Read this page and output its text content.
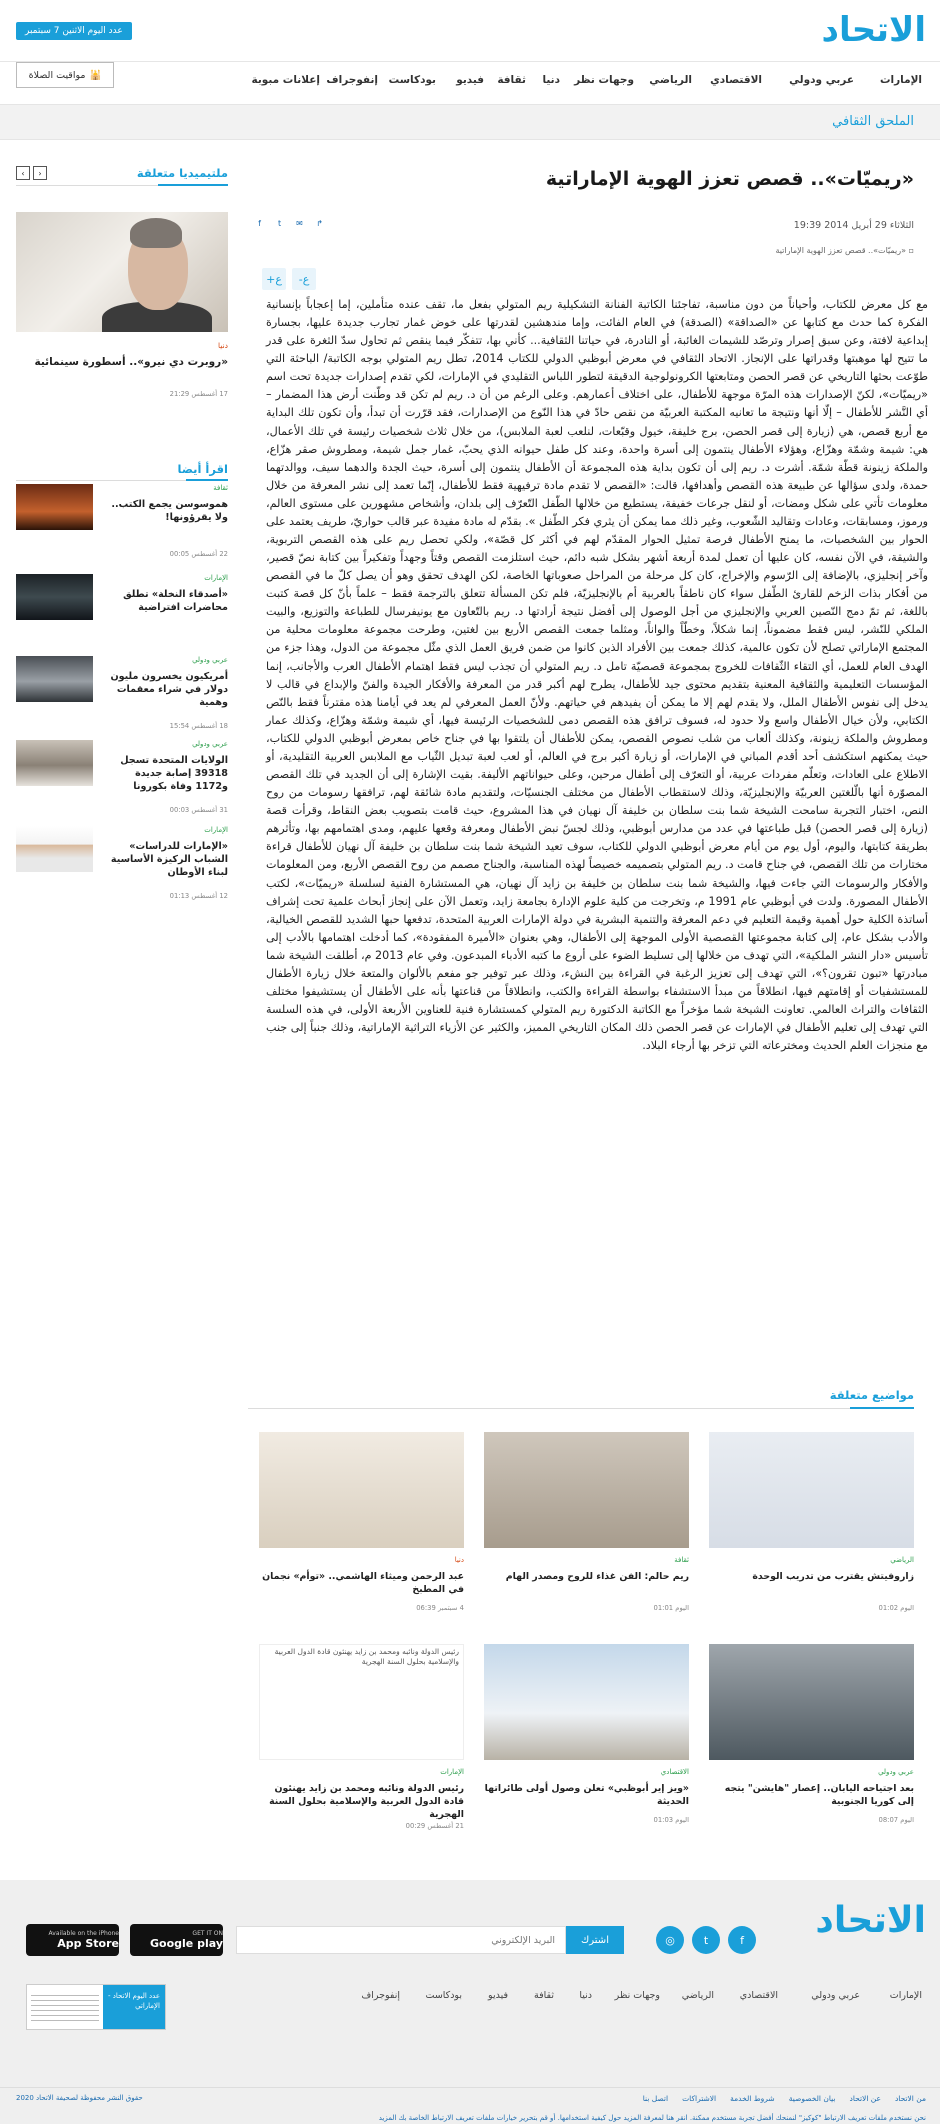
الاتحاد
عدد اليوم الاثنين 7 سبتمبر
الإمارات
عربي ودولي
الاقتصادي
الرياضي
وجهات نظر
دنيا
ثقافة
فيديو
بودكاست
إنفوجراف
إعلانات مبوبة
🕌
مواقيت الصلاة
الملحق الثقافي
«ريميّات».. قصص تعزز الهوية الإماراتية
الثلاثاء 29 أبريل 2014 19:39
↱
✉
t
f
▫ «ريميّات».. قصص تعزز الهوية الإماراتية
ع-
ع+

مع كل معرض للكتاب، وأحياناً من دون مناسبة، تفاجئنا الكاتبة الفنانة التشكيلية ريم المتولي بفعل ما، تقف عنده متأملين، إما إعجاباً بإنسانية الفكرة كما حدث مع كتابها عن «الصداقة» (الصدقة) في العام الفائت، وإما مندهشين لقدرتها على خوض غمار تجارب جديدة عليها، بجسارة إبداعية لافتة، وعن سبق إصرار وترصّد للشيمات الغائبة، أو النادرة، في حياتنا الثقافية... كأني بها، تتفكّر فيما ينقص ثم تحاول سدّ الثغرة على قدر ما تتيح لها موهبتها وقدراتها على الإنجاز. الاتحاد الثقافي في معرض أبوظبي الدولي للكتاب 2014، تطل ريم المتولي بوجه الكاتبة/ الباحثة التي طوّعت بحثها التاريخي عن قصر الحصن ومتابعتها الكرونولوجية الدقيقة لتطور اللباس التقليدي في الإمارات، لكي تقدم إصدارات جديدة تحت اسم «ريميّات»، لكنّ الإصدارات هذه المرّة موجهة للأطفال، على اختلاف أعمارهم. وعلى الرغم من أن د. ريم لم تكن قد وطّنت أرض هذا المضمار – أي النَّشر للأطفال – إلّا أنها ونتيجة ما تعانيه المكتبة العربيّة من نقص حادّ في هذا النّوع من الإصدارات، فقد قرّرت أن تبدأ، وأن تكون تلك البداية مع أربع قصص، هي (زيارة إلى قصر الحصن، برج خليفة، خيول وقبّعات، لنلعب لعبة الملابس)، من خلال ثلاث شخصيات رئيسة في تلك الأعمال، هي: شيمة وشمّة وهزّاع، وهؤلاء الأطفال ينتمون إلى أسرة واحدة، وعند كل طفل حيوانه الذي يحبّ، غمار جمل شيمة، ومطروش صقر هزّاع، والملكة زينونة قطّة شمّة. أشرت د. ريم إلى أن تكون بداية هذه المجموعة أن الأطفال ينتمون إلى أسرة، حيث الجدة والدهما سيف، ووالدتهما حمدة، ولدى سؤالها عن طبيعة هذه القصص وأهدافها، قالت: «القصص لا تقدم مادة ترفيهية فقط للأطفال، إنّما تعمد إلى نشر المعرفة من خلال معلومات تأتي على شكل ومضات، أو لنقل جرعات خفيفة، يستطيع من خلالها الطّفل التّعرّف إلى بلدان، وأشخاص مشهورين على مستوى العالم، ورموز، ومسابقات، وعادات وتقاليد الشّعوب، وغير ذلك مما يمكن أن يثري فكر الطّفل ». بقدّم له مادة مفيدة عبر قالب حواريّ، طريف يعتمد على الحوار بين الشخصيات، ما يمنح الأطفال فرصة تمثيل الحوار المقدّم لهم في أكثر كل قصّة»، ولكي تحصل ريم على هذه القصص التربوية، والشيقة، في الآن نفسه، كان عليها أن تعمل لمدة أربعة أشهر بشكل شبه دائم، حيث استلزمت القصص وقتاً وجهداً وتفكيراً بين كتابة نصّ قصير، وآخر إنجليزي، بالإضافة إلى الرّسوم والإخراج، كان كل مرحلة من المراحل صعوباتها الخاصة، لكن الهدف تحقق وهو أن يصل كلّ ما في القصص من أفكار بذات الزخم للقارئ الطّفل سواء كان ناطقاً بالعربية أم بالإنجليزيّة، فلم تكن المسألة تتعلق بالترجمة فقط – علماً بأنّ كل قصة كتبت باللغة، ثم تمّ دمج النّصين العربي والإنجليزي من أجل الوصول إلى أفضل نتيجة أرادتها د. ريم بالتّعاون مع يونيفرسال للطباعة والتوزيع، والبيت الملكي للنّشر، ليس فقط مضموناً، إنما شكلاً، وخطّاً والواناً، ومثلما جمعت القصص الأربع بين لغتين، وطرحت مجموعة معلومات محلية من المجتمع الإماراتي تصلح لأن تكون عالمية، كذلك جمعت بين الأفراد الذين كانوا من ضمن فريق العمل الذي مثّل مجموعة من الدول، وهذا جزء من الهدف العام للعمل، أي التقاء الثّقافات للخروج بمجموعة قصصيّة تامل د. ريم المتولي أن تجذب ليس فقط اهتمام الأطفال العرب والأجانب، إنما المؤسسات التعليمية والثقافية المعنية بتقديم محتوى جيد للأطفال، يطرح لهم أكبر قدر من المعرفة والأفكار الجيدة والفنّ والإبداع في قالب لا يدخل إلى نفوس الأطفال الملل، ولا يقدم لهم إلا ما يمكن أن يفيدهم في حياتهم. ولأنّ العمل المعرفي لم يعد في أيامنا هذه مقترناً فقط بالنّص الكتابي، ولأن خيال الأطفال واسع ولا حدود له، فسوف ترافق هذه القصص دمى للشخصيات الرئيسة فيها، أي شيمة وشمّة وهزّاع، وكذلك عمار ومطروش والملكة زينونة، وكذلك ألعاب من شلب نصوص القصص، يمكن للأطفال أن يلتقوا بها في جناح خاص بمعرض أبوظبي الدولي للكتاب، حيث يمكنهم استكشف أحد أقدم المباني في الإمارات، أو زيارة أكبر برج في العالم، أو لعب لعبة تبديل الثّياب مع الملابس العربية التقليدية، أو الاطلاع على العادات، وتعلّم مفردات عربية، أو التعرّف إلى أطفال مرحين، وعلى حيواناتهم الأليفة. بقيت الإشارة إلى أن الجديد في تلك القصص المصوّرة أنها بالّلغتين العربيّة والإنجليزيّة، وذلك لاستقطاب الأطفال من مختلف الجنسيّات، ولتقديم مادة شائقة لهم، ترافقها رسومات من روح النص، اختبار التجربة سامحت الشيخة شما بنت سلطان بن خليفة آل نهيان في هذا المشروع، حيث قامت بتصويب بعض النقاط، وقرأت قصة (زيارة إلى قصر الحصن) قبل طباعتها في عدد من مدارس أبوظبي، وذلك لجسّ نبض الأطفال ومعرفة وقعها عليهم، ومدى اهتمامهم بها، وتأثرهم بطريقة كتابتها، واليوم، أول يوم من أيام معرض أبوظبي الدولي للكتاب، سوف تعيد الشيخة شما بنت سلطان بن خليفة آل نهيان للأطفال قراءة مختارات من تلك القصص، في جناح قامت د. ريم المتولي بتصميمه خصيصاً لهذه المناسبة، والجناح مصمم من روح القصص الأربع، ومن المعلومات والأفكار والرسومات التي جاءت فيها، والشيخة شما بنت سلطان بن خليفة بن زايد آل نهيان، هي المستشارة الفنية لسلسلة «ريميّات»، لكتب الأطفال المصورة. ولدت في أبوظبي عام 1991 م، وتخرجت من كلية علوم الإدارة بجامعة زايد، وتعمل الآن على إنجاز أبحاث علمية تحت إشراف أساتذة الكلية حول أهمية وقيمة التعليم في دعم المعرفة والتنمية البشرية في دولة الإمارات العربية المتحدة، تدفعها حبها الشديد للقصص الخيالية، والأدب بشكل عام، إلى كتابة مجموعتها القصصية الأولى الموجهة إلى الأطفال، وهي بعنوان «الأميرة المفقودة»، كما أدخلت اهتمامها بالأدب إلى تأسيس «دار النشر الملكية»، التي تهدف من خلالها إلى تسليط الضوء على أروع ما كتبه الأدباء المبدعون. وفي عام 2013 م، أطلقت الشيخة شما مبادرتها «تبون تقرون؟»، التي تهدف إلى تعزيز الرغبة في القراءة بين النشء، وذلك عبر توفير جو مفعم بالألوان والمتعة خلال زيارة الأطفال للمستشفيات أو إقامتهم فيها، انطلاقاً من مبدأ الاستشفاء بواسطة القراءة والكتب، وانطلاقاً من قناعتها بأنه على الأطفال أن يستشيفوا مختلف الثقافات والتراث العالمي. تعاونت الشيخة شما مؤخراً مع الكاتبة الدكتورة ريم المتولي كمستشارة فنية للعناوين الأربعة الأولى، في هذه السلسة التي تهدف إلى تعليم الأطفال في الإمارات عن قصر الحصن ذلك المكان التاريخي المميز، والكثير عن الأزياء التراثية الإماراتية، وذلك جنباً إلى جنب مع منجزات العلم الحديث ومخترعاته التي تزخر بها أرجاء البلاد.

ملتيميديا متعلقة
‹
›
دنيا
«روبرت دي نيرو».. أسطورة سينمائية
17 أغسطس 21:29
اقرأ أيضا
ثقافة
هموسوسن يجمع الكتب.. ولا يقرؤونها!
22 أغسطس 00:05
الإمارات
«أصدقاء النخلة» تطلق محاضرات افتراضية
عربي ودولي
أمريكيون يخسرون مليون دولار في شراء معقمات وهمية
18 أغسطس 15:54
عربي ودولي
الولايات المتحدة تسجل 39318 إصابة جديدة و1172 وفاة بكورونا
31 أغسطس 00:03
الإمارات
«الإمارات للدراسات» الشباب الركيزة الأساسية لبناء الأوطان
12 أغسطس 01:13
مواضيع متعلقة
الرياضي
زاروفيتش يقترب من تدريب الوحدة
اليوم 01:02
ثقافة
ريم حالم: الفن غذاء للروح ومصدر الهام
اليوم 01:01
دنيا
عبد الرحمن وميثاء الهاشمي.. «توأم» نجمان في المطبخ
4 سبتمبر 06:39
عربي ودولي
بعد اجتياحه اليابان.. إعصار "هايشن" يتجه إلى كوريا الجنوبية
اليوم 08:07
الاقتصادي
«ويز إير أبوظبي» تعلن وصول أولى طائراتها الحديثة
اليوم 01:03
رئيس الدولة ونائبه ومحمد بن زايد يهنئون قادة الدول العربية والإسلامية بحلول السنة الهجرية
الإمارات
رئيس الدولة ونائبه ومحمد بن زايد يهنئون قادة الدول العربية والإسلامية بحلول السنة الهجرية
21 أغسطس 00:29
الاتحاد
f
t
◎
اشترك
البريد الإلكتروني
GET IT ON
Google play
Available on the iPhone
App Store
الإمارات
عربي ودولي
الاقتصادي
الرياضي
وجهات نظر
دنيا
ثقافة
فيديو
بودكاست
إنفوجراف
عدد اليوم الاتحاد - الإماراتي
من الاتحاد
عن الاتحاد
بيان الخصوصية
شروط الخدمة
الاشتراكات
اتصل بنا
حقوق النشر محفوظة لصحيفة الاتحاد 2020
نحن نستخدم ملفات تعريف الارتباط "كوكيز" لنمنحك أفضل تجربة مستخدم ممكنة. انقر هنا لمعرفة المزيد حول كيفية استخدامها. أو قم بتحرير خيارات ملفات تعريف الارتباط الخاصة بك المزيد
